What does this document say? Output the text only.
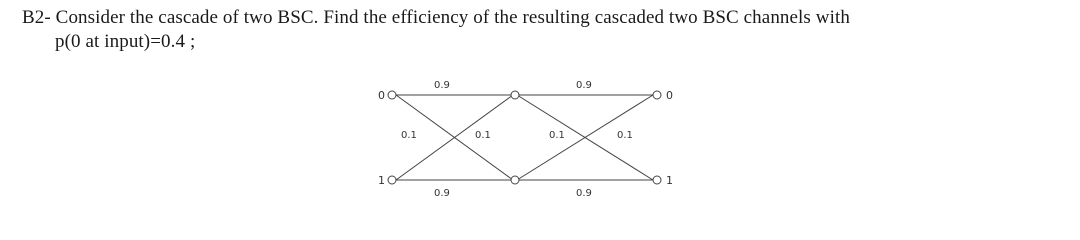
B2- Consider the cascade of two BSC. Find the efficiency of the resulting cascaded two BSC channels with
p(0 at input)=0.4 ;
0
1
0
1
0.9
0.1	0.1
0.9
0.9
0.1	0.1
0.9
